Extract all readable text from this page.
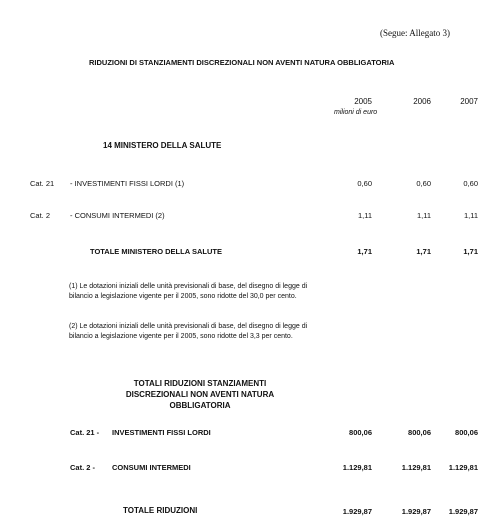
(Segue: Allegato 3)
RIDUZIONI DI STANZIAMENTI DISCREZIONALI NON AVENTI NATURA OBBLIGATORIA
2005	2006	2007
milioni di euro
14 MINISTERO DELLA SALUTE
Cat. 21 - INVESTIMENTI FISSI LORDI (1)	0,60	0,60	0,60
Cat. 2	- CONSUMI INTERMEDI (2)	1,11	1,11	1,11
TOTALE MINISTERO DELLA SALUTE	1,71	1,71	1,71
(1) Le dotazioni iniziali delle unità previsionali di base, del disegno di legge di bilancio a legislazione vigente per il 2005, sono ridotte del 30,0 per cento.
(2) Le dotazioni iniziali delle unità previsionali di base, del disegno di legge di bilancio a legislazione vigente per il 2005, sono ridotte del 3,3 per cento.
TOTALI RIDUZIONI STANZIAMENTI
DISCREZIONALI NON AVENTI NATURA
OBBLIGATORIA
Cat. 21 - INVESTIMENTI FISSI LORDI	800,06	800,06	800,06
Cat. 2 - CONSUMI INTERMEDI	1.129,81	1.129,81	1.129,81
TOTALE RIDUZIONI	1.929,87	1.929,87	1.929,87
